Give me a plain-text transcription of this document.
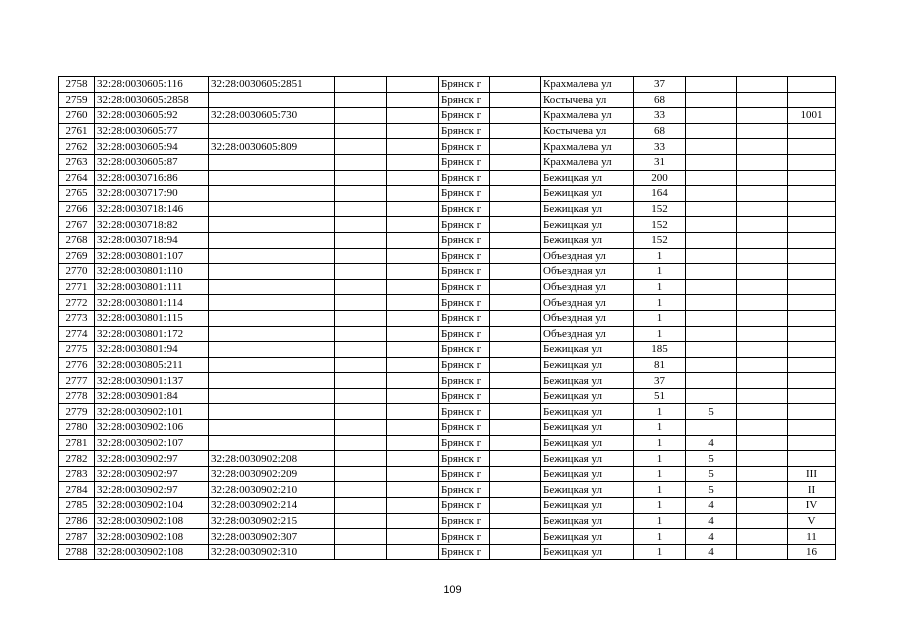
2758	32:28:0030605:116	32:28:0030605:2851			Брянск г		Крахмалева ул	37			
2759	32:28:0030605:2858				Брянск г		Костычева ул	68			
2760	32:28:0030605:92	32:28:0030605:730			Брянск г		Крахмалева ул	33			1001
2761	32:28:0030605:77				Брянск г		Костычева ул	68			
2762	32:28:0030605:94	32:28:0030605:809			Брянск г		Крахмалева ул	33			
2763	32:28:0030605:87				Брянск г		Крахмалева ул	31			
2764	32:28:0030716:86				Брянск г		Бежицкая ул	200			
2765	32:28:0030717:90				Брянск г		Бежицкая ул	164			
2766	32:28:0030718:146				Брянск г		Бежицкая ул	152			
2767	32:28:0030718:82				Брянск г		Бежицкая ул	152			
2768	32:28:0030718:94				Брянск г		Бежицкая ул	152			
2769	32:28:0030801:107				Брянск г		Объездная ул	1			
2770	32:28:0030801:110				Брянск г		Объездная ул	1			
2771	32:28:0030801:111				Брянск г		Объездная ул	1			
2772	32:28:0030801:114				Брянск г		Объездная ул	1			
2773	32:28:0030801:115				Брянск г		Объездная ул	1			
2774	32:28:0030801:172				Брянск г		Объездная ул	1			
2775	32:28:0030801:94				Брянск г		Бежицкая ул	185			
2776	32:28:0030805:211				Брянск г		Бежицкая ул	81			
2777	32:28:0030901:137				Брянск г		Бежицкая ул	37			
2778	32:28:0030901:84				Брянск г		Бежицкая ул	51			
2779	32:28:0030902:101				Брянск г		Бежицкая ул	1	5		
2780	32:28:0030902:106				Брянск г		Бежицкая ул	1			
2781	32:28:0030902:107				Брянск г		Бежицкая ул	1	4		
2782	32:28:0030902:97	32:28:0030902:208			Брянск г		Бежицкая ул	1	5		
2783	32:28:0030902:97	32:28:0030902:209			Брянск г		Бежицкая ул	1	5		III
2784	32:28:0030902:97	32:28:0030902:210			Брянск г		Бежицкая ул	1	5		II
2785	32:28:0030902:104	32:28:0030902:214			Брянск г		Бежицкая ул	1	4		IV
2786	32:28:0030902:108	32:28:0030902:215			Брянск г		Бежицкая ул	1	4		V
2787	32:28:0030902:108	32:28:0030902:307			Брянск г		Бежицкая ул	1	4		11
2788	32:28:0030902:108	32:28:0030902:310			Брянск г		Бежицкая ул	1	4		16
109
